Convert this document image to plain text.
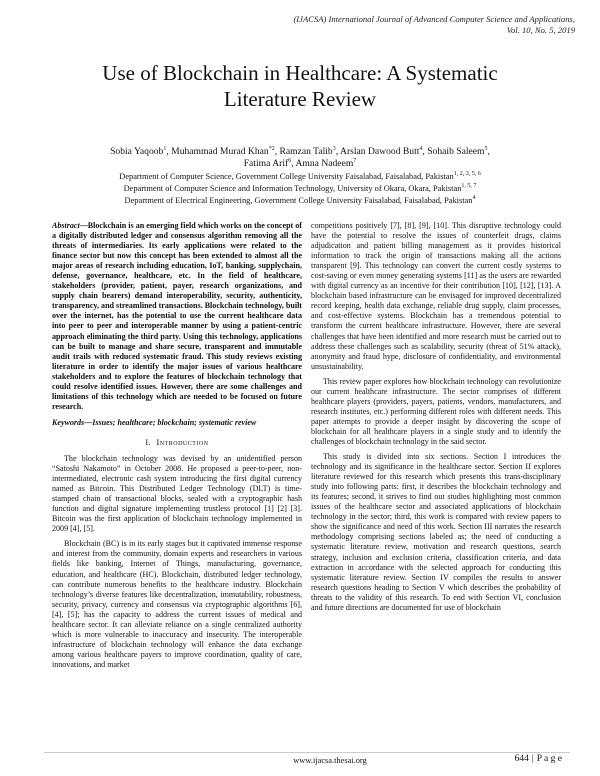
(IJACSA) International Journal of Advanced Computer Science and Applications,
Vol. 10, No. 5, 2019
Use of Blockchain in Healthcare: A Systematic
Literature Review
Sobia Yaqoob$^1$, Muhammad Murad Khan$^{*2}$, Ramzan Talib$^3$, Arslan Dawood Butt$^4$, Sohaib Saleem$^5$,
Fatima Arif$^6$, Amna Nadeem$^7$
Department of Computer Science, Government College University Faisalabad, Faisalabad, Pakistan$^{1, 2, 3, 5, 6}$
Department of Computer Science and Information Technology, University of Okara, Okara, Pakistan$^{1, 5, 7}$
Department of Electrical Engineering, Government College University Faisalabad, Faisalabad, Pakistan$^4$

Abstract—Blockchain is an emerging field which works on the concept of a digitally distributed ledger and consensus algorithm removing all the threats of intermediaries. Its early applications were related to the finance sector but now this concept has been extended to almost all the major areas of research including education, IoT, banking, supplychain, defense, governance, healthcare, etc. In the field of healthcare, stakeholders (provider, patient, payer, research organizations, and supply chain bearers) demand interoperability, security, authenticity, transparency, and streamlined transactions. Blockchain technology, built over the internet, has the potential to use the current healthcare data into peer to peer and interoperable manner by using a patient-centric approach eliminating the third party. Using this technology, applications can be built to manage and share secure, transparent and immutable audit trails with reduced systematic fraud. This study reviews existing literature in order to identify the major issues of various healthcare stakeholders and to explore the features of blockchain technology that could resolve identified issues. However, there are some challenges and limitations of this technology which are needed to be focused on future research.

Keywords—Issues; healthcare; blockchain; systematic review

I. Introduction

The blockchain technology was devised by an unidentified person “Satoshi Nakamoto” in October 2008. He proposed a peer-to-peer, non-intermediated, electronic cash system introducing the first digital currency named as Bitcoin. This Distributed Ledger Technology (DLT) is time-stamped chain of transactional blocks, sealed with a cryptographic hash function and digital signature implementing trustless protocol [1] [2] [3]. Bitcoin was the first application of blockchain technology implemented in 2009 [4], [5].

Blockchain (BC) is in its early stages but it captivated immense response and interest from the community, domain experts and researchers in various fields like banking, Internet of Things, manufacturing, governance, education, and healthcare (HC). Blockchain, distributed ledger technology, can contribute numerous benefits to the healthcare industry. Blockchain technology’s diverse features like decentralization, immutability, robustness, security, privacy, currency and consensus via cryptographic algorithms [6], [4], [5]; has the capacity to address the current issues of medical and healthcare sector. It can alleviate reliance on a single centralized authority which is more vulnerable to inaccuracy and insecurity. The interoperable infrastructure of blockchain technology will enhance the data exchange among various healthcare payers to improve coordination, quality of care, innovations, and market

competitions positively [7], [8], [9], [10]. This disruptive technology could have the potential to resolve the issues of counterfeit drugs, claims adjudication and patient billing management as it provides historical information to track the origin of transactions making all the actions transparent [9]. This technology can convert the current costly systems to cost-saving or even money generating systems [11] as the users are rewarded with digital currency as an incentive for their contribution [10], [12], [13]. A blockchain based infrastructure can be envisaged for improved decentralized record keeping, health data exchange, reliable drug supply, claim processes, and cost-effective systems. Blockchain has a tremendous potential to transform the current healthcare infrastructure. However, there are several challenges that have been identified and more research must be carried out to address these challenges such as scalability, security (threat of 51% attack), anonymity and fraud hype, disclosure of confidentiality, and environmental unsustainability.

This review paper explores how blockchain technology can revolutionize our current healthcare infrastructure. The sector comprises of different healthcare players (providers, payers, patients, vendors, manufacturers, and research institutes, etc.) performing different roles with different needs. This paper attempts to provide a deeper insight by discovering the scope of blockchain for all healthcare players in a single study and to identify the challenges of blockchain technology in the said sector.

This study is divided into six sections. Section I introduces the technology and its significance in the healthcare sector. Section II explores literature reviewed for this research which presents this trans-disciplinary study into following parts: first, it describes the blockchain technology and its features; second, it strives to find out studies highlighting most common issues of the healthcare sector and associated applications of blockchain technology in the sector; third, this work is compared with review papers to show the significance and need of this work. Section III narrates the research methodology comprising sections labeled as; the need of conducting a systematic literature review, motivation and research questions, search strategy, inclusion and exclusion criteria, classification criteria, and data extraction in accordance with the selected approach for conducting this systematic literature review. Section IV compiles the results to answer research questions heading to Section V which describes the probability of threats to the validity of this research. To end with Section VI, conclusion and future directions are documented for use of blockchain

www.ijacsa.thesai.org	644 | P a g e
